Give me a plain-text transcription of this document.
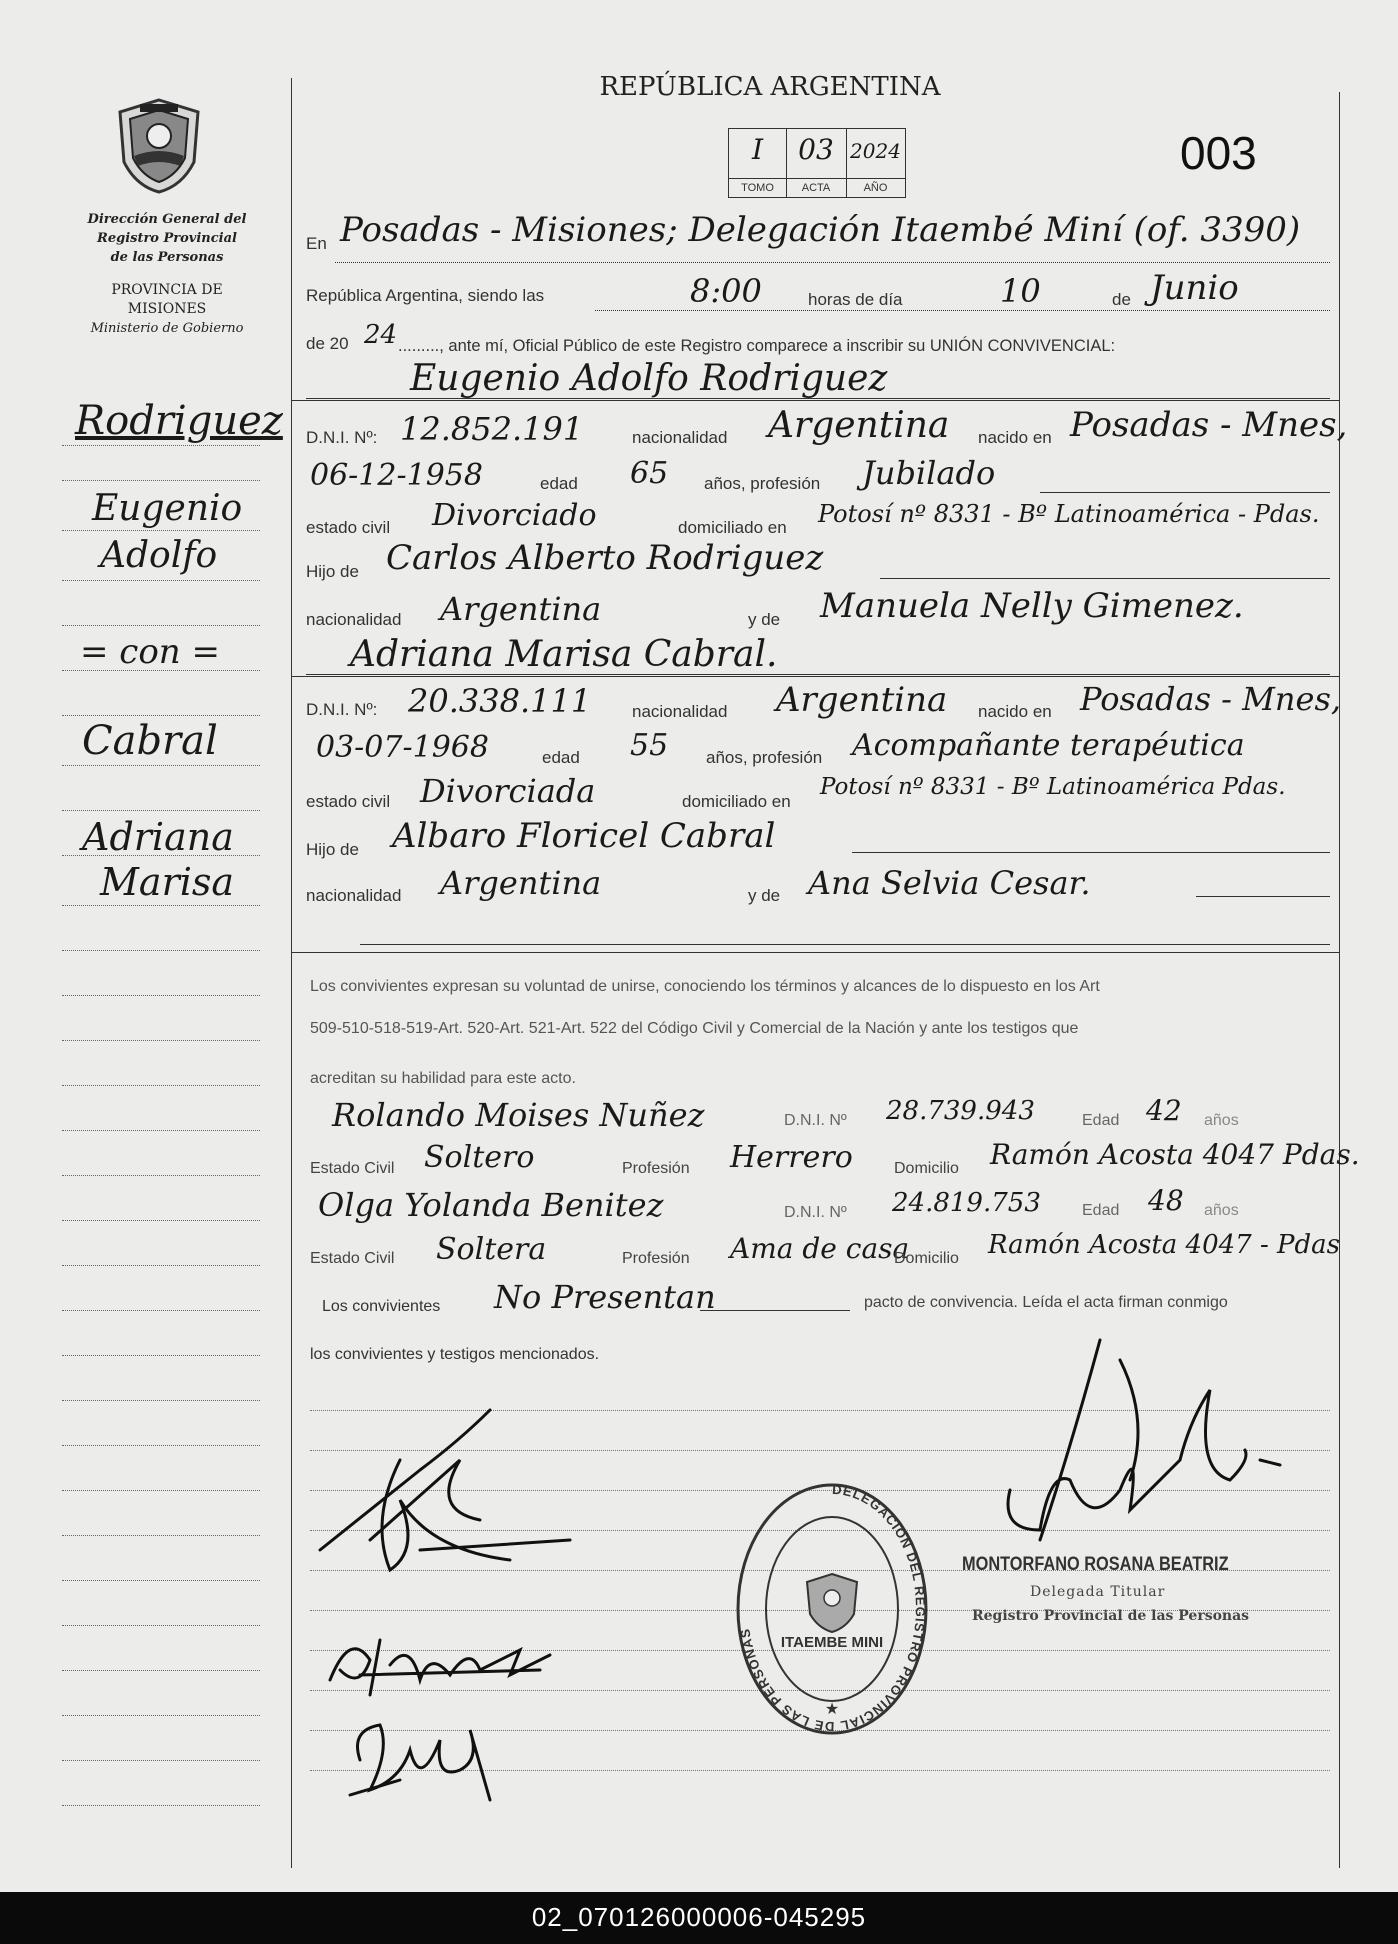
Dirección General del
Registro Provincial
de las Personas
PROVINCIA DE
MISIONES
Ministerio de Gobierno
Rodriguez
Eugenio
Adolfo
= con =
Cabral
Adriana
Marisa
REPÚBLICA ARGENTINA
003
I
TOMO
03
ACTA
2024
AÑO
En Posadas - Misiones; Delegación Itaembé Miní (of. 3390)
República Argentina, siendo las	8:00	horas de día	10	de Junio
de 20 24 ........., ante mí, Oficial Público de este Registro comparece a inscribir su UNIÓN CONVIVENCIAL:
Eugenio Adolfo Rodriguez
D.N.I. Nº: 12.852.191	nacionalidad Argentina nacido en Posadas - Mnes,
06-12-1958	edad 65 años, profesión Jubilado
estado civil Divorciado	domiciliado en Potosí nº 8331 - Bº Latinoamérica - Pdas.
Hijo de Carlos Alberto Rodriguez
nacionalidad Argentina	y de Manuela Nelly Gimenez.
Adriana Marisa Cabral.
D.N.I. Nº: 20.338.111 nacionalidad Argentina nacido en Posadas - Mnes,
03-07-1968	edad 55 años, profesión Acompañante terapéutica
estado civil Divorciada	domiciliado en
Potosí nº 8331 - Bº Latinoamérica Pdas.
Hijo de Albaro Floricel Cabral
nacionalidad Argentina	y de Ana Selvia Cesar.
Los convivientes expresan su voluntad de unirse, conociendo los términos y alcances de lo dispuesto en los Art
509-510-518-519-Art. 520-Art. 521-Art. 522 del Código Civil y Comercial de la Nación y ante los testigos que
acreditan su habilidad para este acto.
Rolando Moises Nuñez	D.N.I. Nº 28.739.943	Edad 42 años
Estado Civil Soltero	Profesión Herrero	Domicilio Ramón Acosta 4047 Pdas.
Olga Yolanda Benitez	D.N.I. Nº 24.819.753	Edad 48 años
Estado Civil Soltera	Profesión Ama de casa
Domicilio Ramón Acosta 4047 - Pdas
Los convivientes No Presentan	pacto de convivencia. Leída el acta firman conmigo
los convivientes y testigos mencionados.
MONTORFANO ROSANA BEATRIZ
Delegada Titular
Registro Provincial de las Personas
DELEGACION DEL REGISTRO PROVINCIAL DE LAS PERSONAS
ITAEMBE MINI
★
02_070126000006-045295
